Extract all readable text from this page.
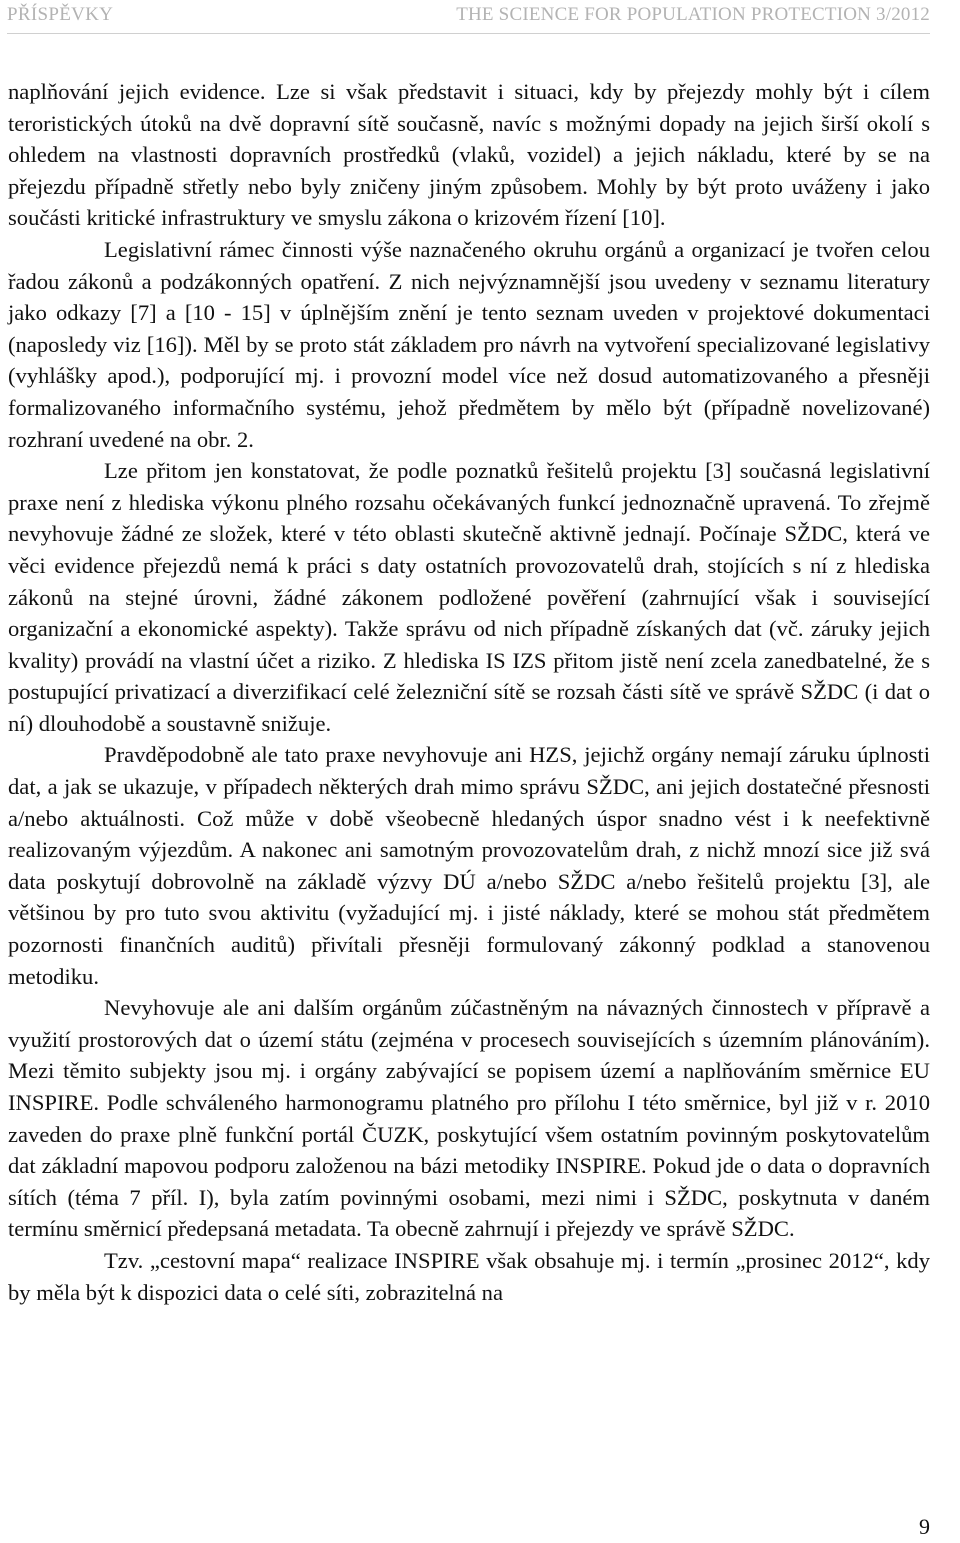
PŘÍSPĚVKY	THE SCIENCE FOR POPULATION PROTECTION 3/2012

naplňování jejich evidence. Lze si však představit i situaci, kdy by přejezdy mohly být i cílem teroristických útoků na dvě dopravní sítě současně, navíc s možnými dopady na jejich širší okolí s ohledem na vlastnosti dopravních prostředků (vlaků, vozidel) a jejich nákladu, které by se na přejezdu případně střetly nebo byly zničeny jiným způsobem. Mohly by být proto uváženy i jako součásti kritické infrastruktury ve smyslu zákona o krizovém řízení [10].

Legislativní rámec činnosti výše naznačeného okruhu orgánů a organizací je tvořen celou řadou zákonů a podzákonných opatření. Z nich nejvýznamnější jsou uvedeny v seznamu literatury jako odkazy [7] a [10 - 15] v úplnějším znění je tento seznam uveden v projektové dokumentaci (naposledy viz [16]). Měl by se proto stát základem pro návrh na vytvoření specializované legislativy (vyhlášky apod.), podporující mj. i provozní model více než dosud automatizovaného a přesněji formalizovaného informačního systému, jehož předmětem by mělo být (případně novelizované) rozhraní uvedené na obr. 2.

Lze přitom jen konstatovat, že podle poznatků řešitelů projektu [3] současná legislativní praxe není z hlediska výkonu plného rozsahu očekávaných funkcí jednoznačně upravená. To zřejmě nevyhovuje žádné ze složek, které v této oblasti skutečně aktivně jednají. Počínaje SŽDC, která ve věci evidence přejezdů nemá k práci s daty ostatních provozovatelů drah, stojících s ní z hlediska zákonů na stejné úrovni, žádné zákonem podložené pověření (zahrnující však i související organizační a ekonomické aspekty). Takže správu od nich případně získaných dat (vč. záruky jejich kvality) provádí na vlastní účet a riziko. Z hlediska IS IZS přitom jistě není zcela zanedbatelné, že s postupující privatizací a diverzifikací celé železniční sítě se rozsah části sítě ve správě SŽDC (i dat o ní) dlouhodobě a soustavně snižuje.

Pravděpodobně ale tato praxe nevyhovuje ani HZS, jejichž orgány nemají záruku úplnosti dat, a jak se ukazuje, v případech některých drah mimo správu SŽDC, ani jejich dostatečné přesnosti a/nebo aktuálnosti. Což může v době všeobecně hledaných úspor snadno vést i k neefektivně realizovaným výjezdům. A nakonec ani samotným provozovatelům drah, z nichž mnozí sice již svá data poskytují dobrovolně na základě výzvy DÚ a/nebo SŽDC a/nebo řešitelů projektu [3], ale většinou by pro tuto svou aktivitu (vyžadující mj. i jisté náklady, které se mohou stát předmětem pozornosti finančních auditů) přivítali přesněji formulovaný zákonný podklad a stanovenou metodiku.

Nevyhovuje ale ani dalším orgánům zúčastněným na návazných činnostech v přípravě a využití prostorových dat o území státu (zejména v procesech souvisejících s územním plánováním). Mezi těmito subjekty jsou mj. i orgány zabývající se popisem území a naplňováním směrnice EU INSPIRE. Podle schváleného harmonogramu platného pro přílohu I této směrnice, byl již v r. 2010 zaveden do praxe plně funkční portál ČUZK, poskytující všem ostatním povinným poskytovatelům dat základní mapovou podporu založenou na bázi metodiky INSPIRE. Pokud jde o data o dopravních sítích (téma 7 příl. I), byla zatím povinnými osobami, mezi nimi i SŽDC, poskytnuta v daném termínu směrnicí předepsaná metadata. Ta obecně zahrnují i přejezdy ve správě SŽDC.

Tzv. „cestovní mapa“ realizace INSPIRE však obsahuje mj. i termín „prosinec 2012“, kdy by měla být k dispozici data o celé síti, zobrazitelná na

9
